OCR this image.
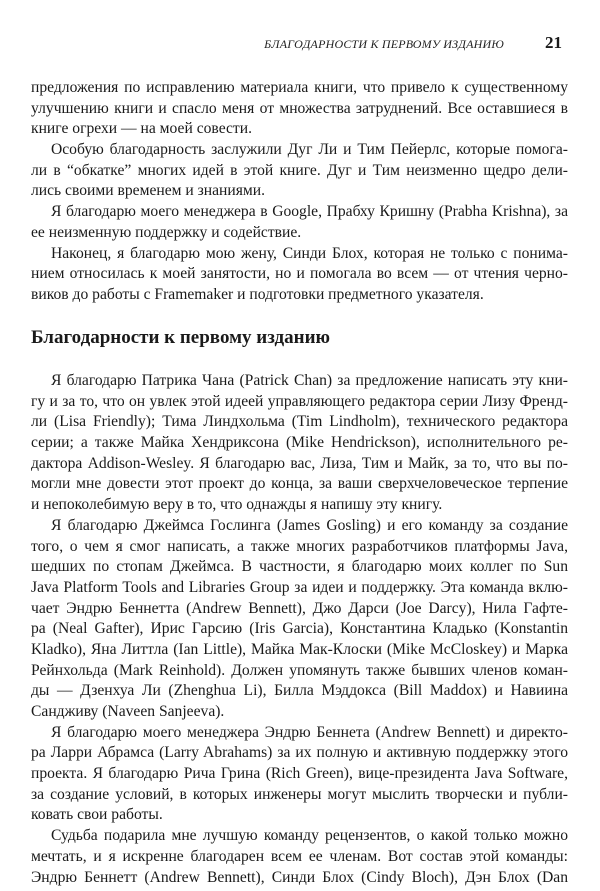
БЛАГОДАРНОСТИ К ПЕРВОМУ ИЗДАНИЮ 21
предложения по исправлению материала книги, что привело к существенному
улучшению книги и спасло меня от множества затруднений. Все оставшиеся в
книге огрехи — на моей совести.
Особую благодарность заслужили Дуг Ли и Тим Пейерлс, которые помога-
ли в “обкатке” многих идей в этой книге. Дуг и Тим неизменно щедро дели-
лись своими временем и знаниями.
Я благодарю моего менеджера в Google, Прабху Кришну (Prabha Krishna), за
ее неизменную поддержку и содействие.
Наконец, я благодарю мою жену, Синди Блох, которая не только с понима-
нием относилась к моей занятости, но и помогала во всем — от чтения черно-
виков до работы с Framemaker и подготовки предметного указателя.
Благодарности к первому изданию
Я благодарю Патрика Чана (Patrick Chan) за предложение написать эту кни-
гу и за то, что он увлек этой идеей управляющего редактора серии Лизу Френд-
ли (Lisa Friendly); Тима Линдхольма (Tim Lindholm), технического редактора
серии; а также Майка Хендриксона (Mike Hendrickson), исполнительного ре-
дактора Addison-Wesley. Я благодарю вас, Лиза, Тим и Майк, за то, что вы по-
могли мне довести этот проект до конца, за ваши сверхчеловеческое терпение
и непоколебимую веру в то, что однажды я напишу эту книгу.
Я благодарю Джеймса Гослинга (James Gosling) и его команду за создание
того, о чем я смог написать, а также многих разработчиков платформы Java,
шедших по стопам Джеймса. В частности, я благодарю моих коллег по Sun
Java Platform Tools and Libraries Group за идеи и поддержку. Эта команда вклю-
чает Эндрю Беннетта (Andrew Bennett), Джо Дарси (Joe Darcy), Нила Гафте-
ра (Neal Gafter), Ирис Гарсию (Iris Garcia), Константина Кладько (Konstantin
Kladko), Яна Литтла (Ian Little), Майка Мак-Клоски (Mike McCloskey) и Марка
Рейнхольда (Mark Reinhold). Должен упомянуть также бывших членов коман-
ды — Дзенхуа Ли (Zhenghua Li), Билла Мэддокса (Bill Maddox) и Навиина
Сандживу (Naveen Sanjeeva).
Я благодарю моего менеджера Эндрю Беннета (Andrew Bennett) и директо-
ра Ларри Абрамса (Larry Abrahams) за их полную и активную поддержку этого
проекта. Я благодарю Рича Грина (Rich Green), вице-президента Java Software,
за создание условий, в которых инженеры могут мыслить творчески и публи-
ковать свои работы.
Судьба подарила мне лучшую команду рецензентов, о какой только можно
мечтать, и я искренне благодарен всем ее членам. Вот состав этой команды:
Эндрю Беннетт (Andrew Bennett), Синди Блох (Cindy Bloch), Дэн Блох (Dan
